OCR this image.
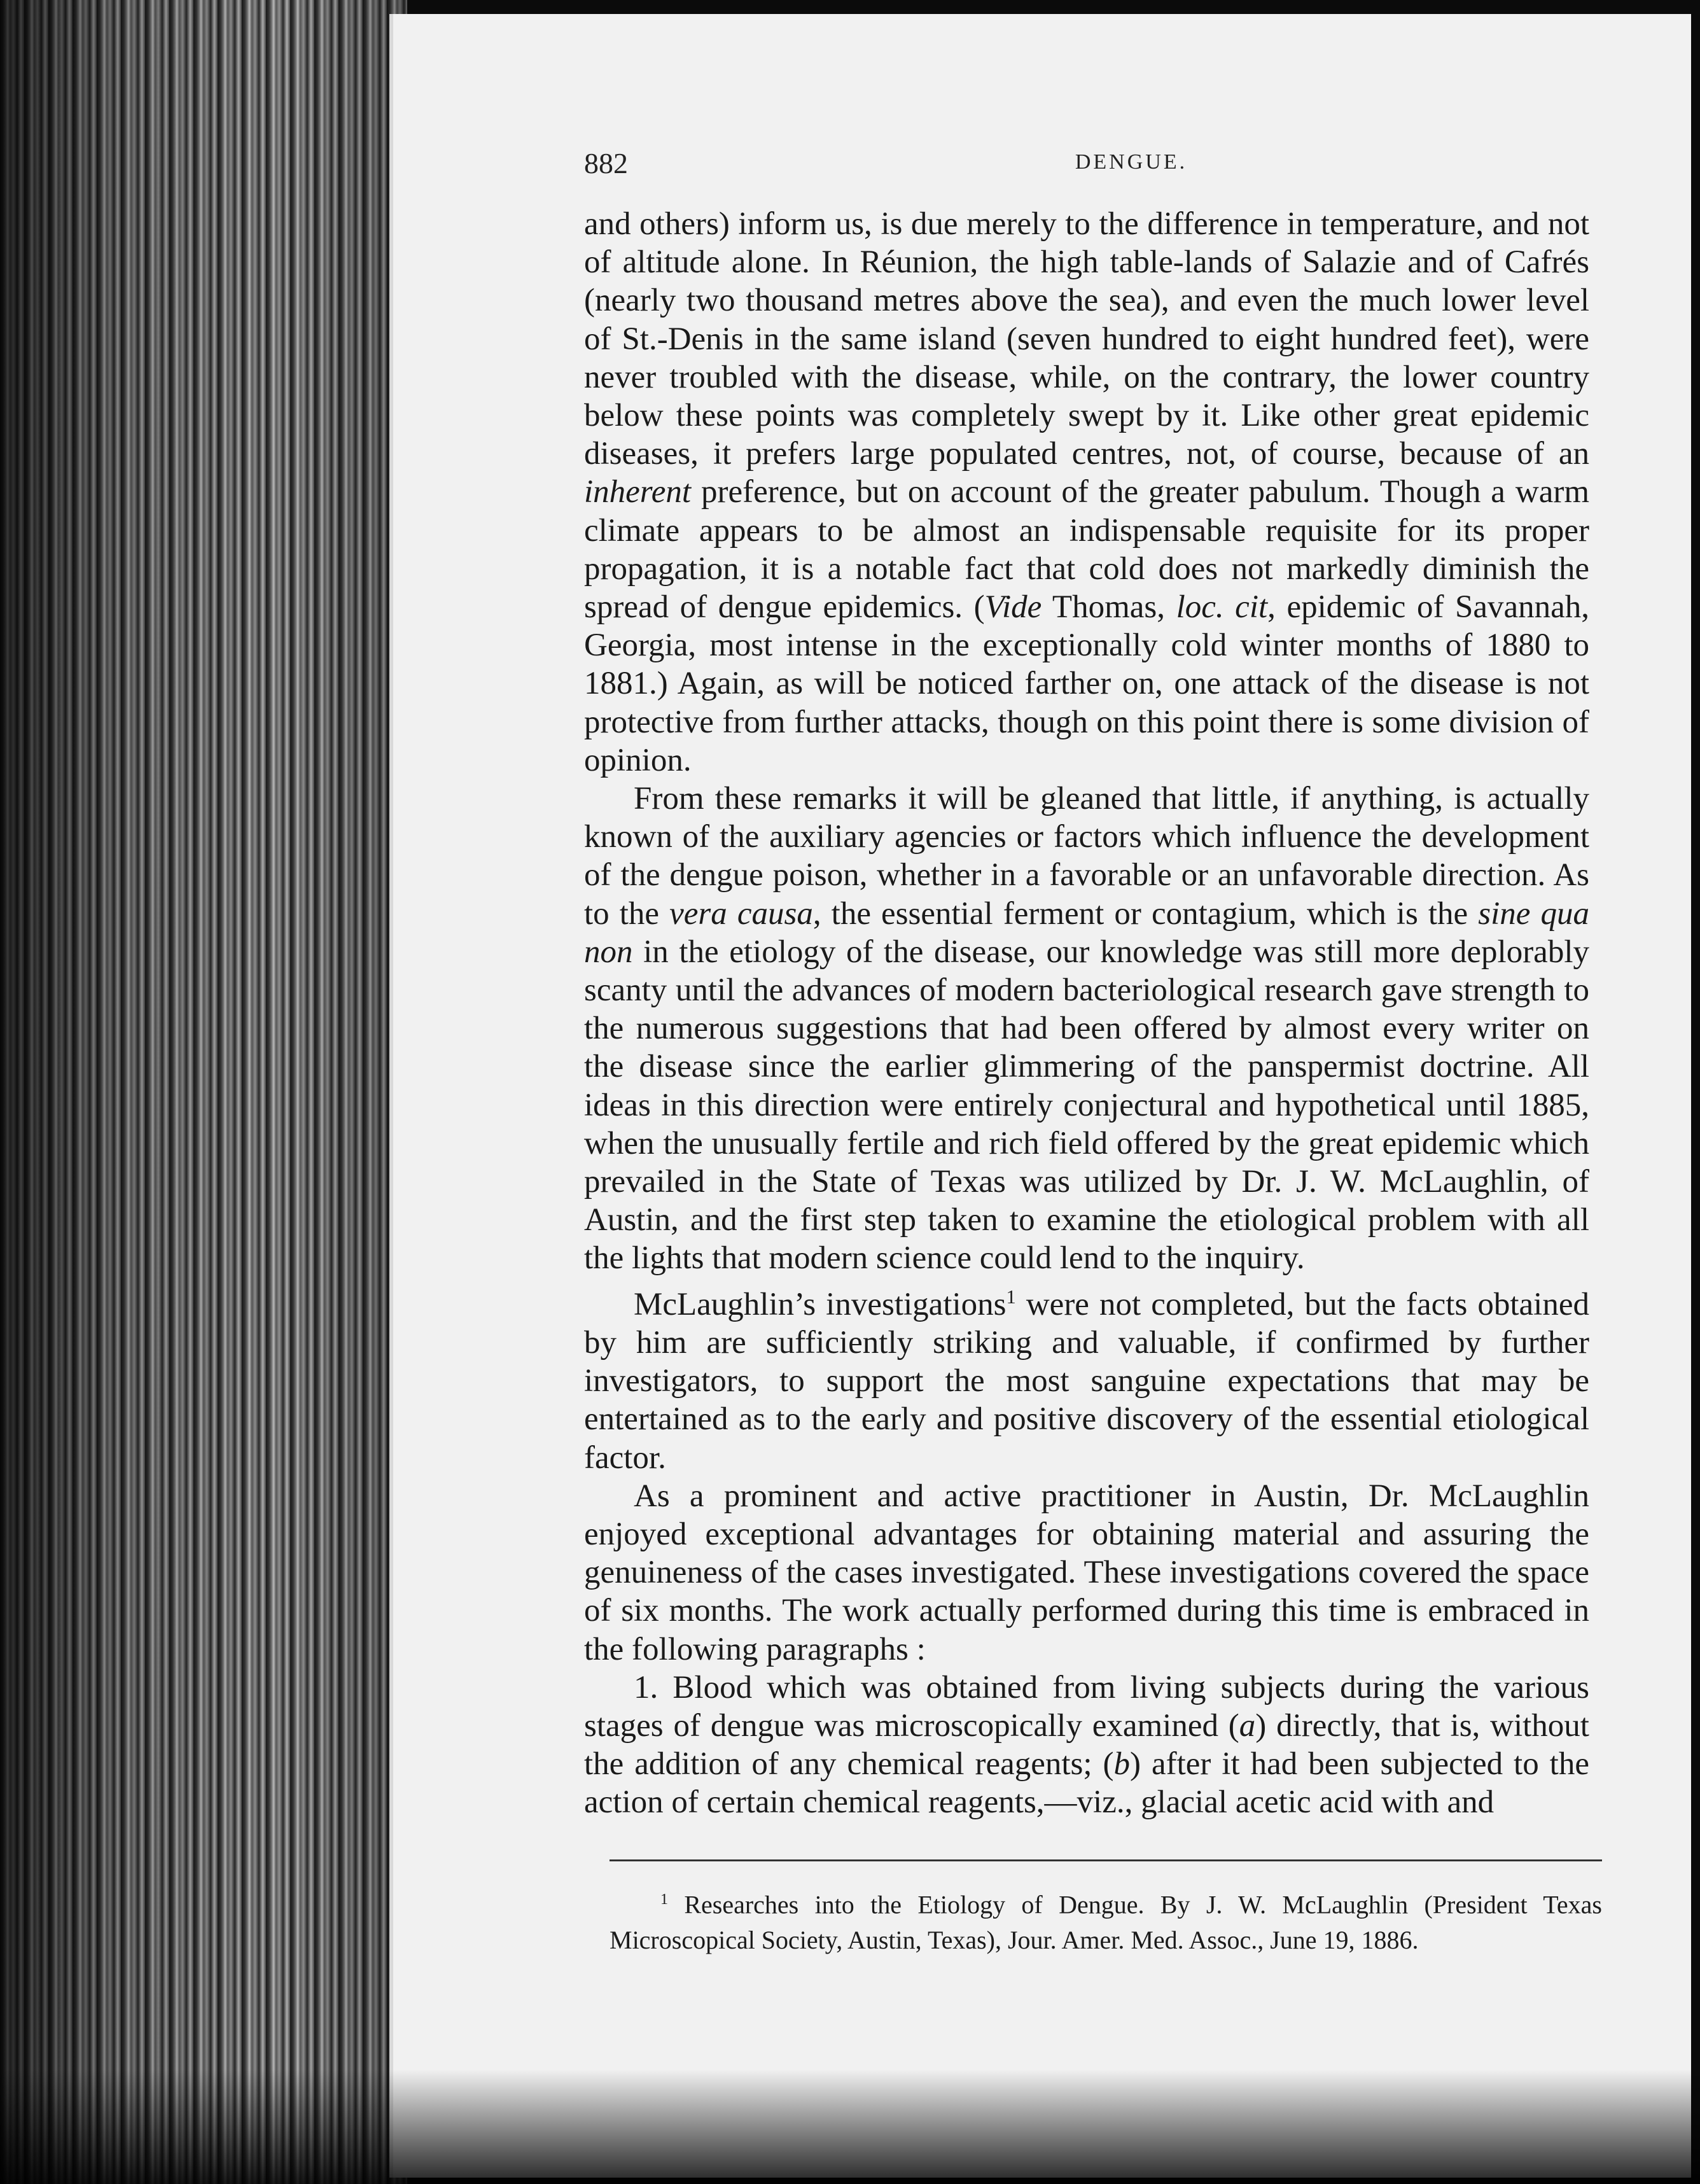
882	DENGUE.

and others) inform us, is due merely to the difference in temperature, and not of altitude alone. In Réunion, the high table-lands of Salazie and of Cafrés (nearly two thousand metres above the sea), and even the much lower level of St.-Denis in the same island (seven hundred to eight hundred feet), were never troubled with the disease, while, on the contrary, the lower country below these points was completely swept by it. Like other great epidemic diseases, it prefers large populated centres, not, of course, because of an inherent preference, but on account of the greater pabulum. Though a warm climate appears to be almost an indispensable requisite for its proper propagation, it is a notable fact that cold does not markedly diminish the spread of dengue epidemics. (Vide Thomas, loc. cit, epidemic of Savannah, Georgia, most intense in the exceptionally cold winter months of 1880 to 1881.) Again, as will be noticed farther on, one attack of the disease is not protective from further attacks, though on this point there is some division of opinion.

From these remarks it will be gleaned that little, if anything, is actually known of the auxiliary agencies or factors which influence the development of the dengue poison, whether in a favorable or an unfavorable direction. As to the vera causa, the essential ferment or contagium, which is the sine qua non in the etiology of the disease, our knowledge was still more deplorably scanty until the advances of modern bacteriological research gave strength to the numerous suggestions that had been offered by almost every writer on the disease since the earlier glimmering of the panspermist doctrine. All ideas in this direction were entirely conjectural and hypothetical until 1885, when the unusually fertile and rich field offered by the great epidemic which prevailed in the State of Texas was utilized by Dr. J. W. McLaughlin, of Austin, and the first step taken to examine the etiological problem with all the lights that modern science could lend to the inquiry.

McLaughlin’s investigations$^1$ were not completed, but the facts obtained by him are sufficiently striking and valuable, if confirmed by further investigators, to support the most sanguine expectations that may be entertained as to the early and positive discovery of the essential etiological factor.

As a prominent and active practitioner in Austin, Dr. McLaughlin enjoyed exceptional advantages for obtaining material and assuring the genuineness of the cases investigated. These investigations covered the space of six months. The work actually performed during this time is embraced in the following paragraphs :

1. Blood which was obtained from living subjects during the various stages of dengue was microscopically examined (a) directly, that is, without the addition of any chemical reagents; (b) after it had been subjected to the action of certain chemical reagents,—viz., glacial acetic acid with and

$^1$ Researches into the Etiology of Dengue. By J. W. McLaughlin (President Texas Microscopical Society, Austin, Texas), Jour. Amer. Med. Assoc., June 19, 1886.
